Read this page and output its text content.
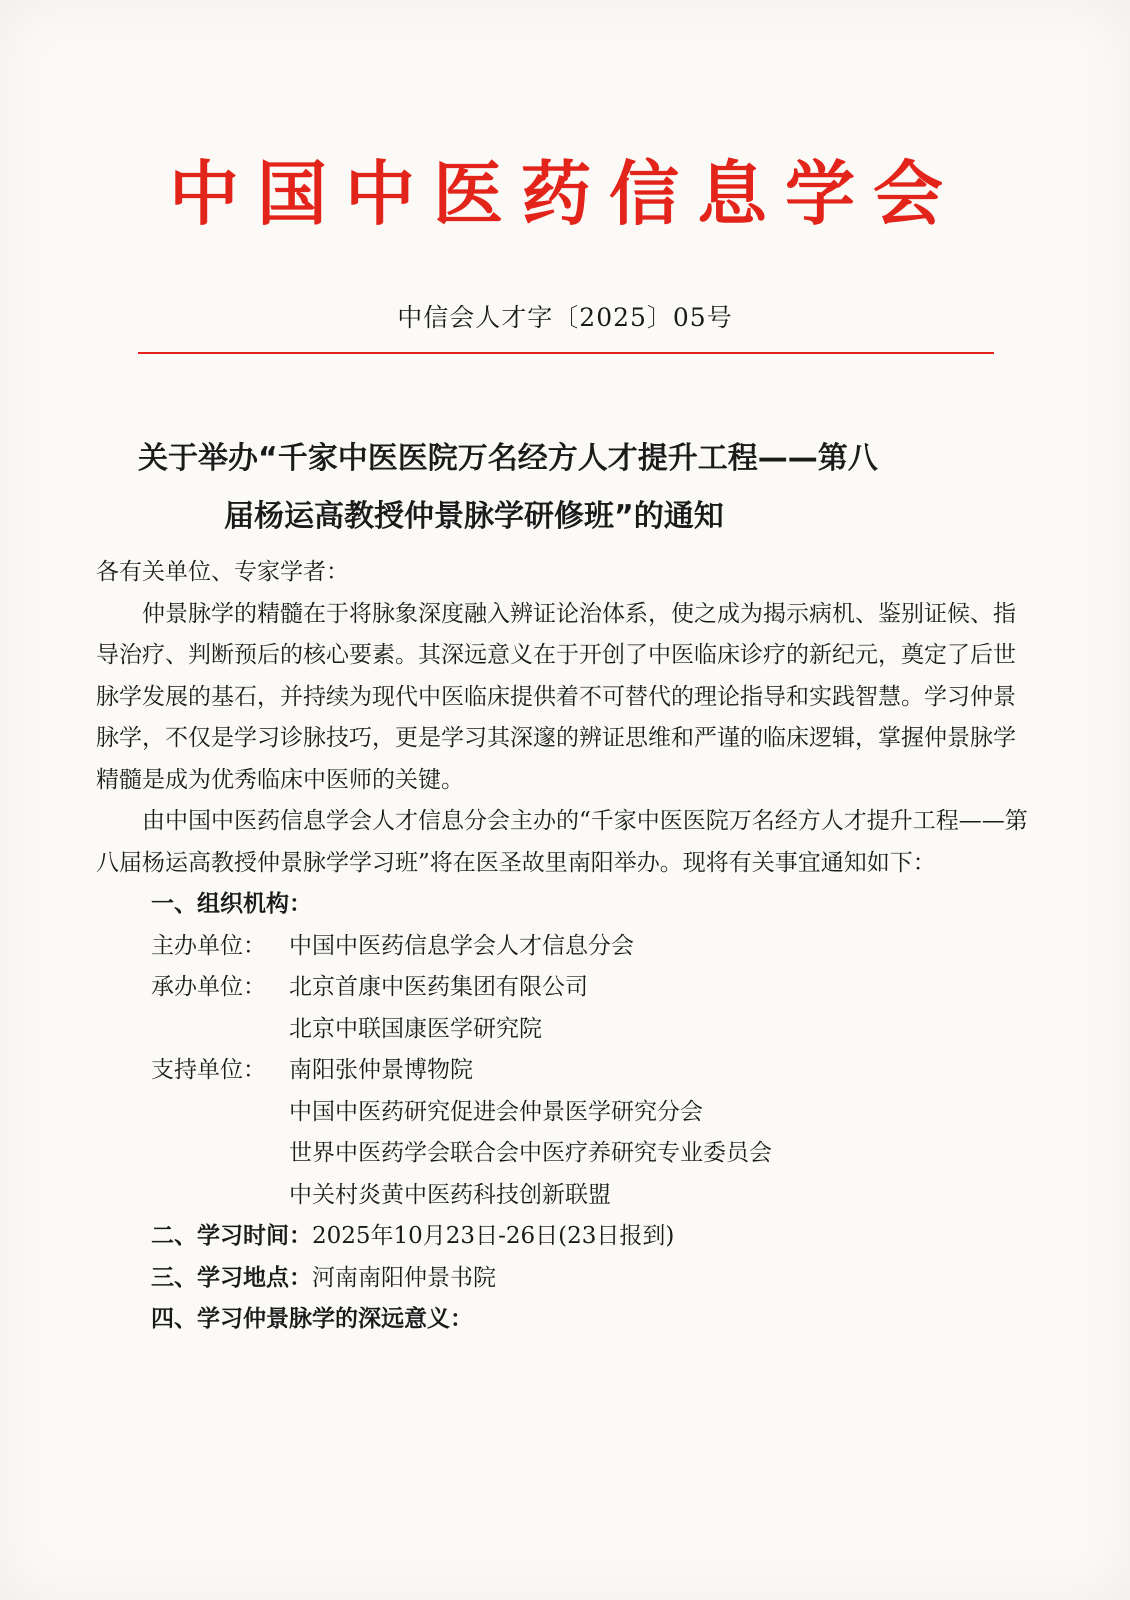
中国中医药信息学会
中信会人才字〔2025〕05号
关于举办“千家中医医院万名经方人才提升工程——第八
届杨运高教授仲景脉学研修班”的通知

各有关单位、专家学者：

仲景脉学的精髓在于将脉象深度融入辨证论治体系，使之成为揭示病机、鉴别证候、指导治疗、判断预后的核心要素。其深远意义在于开创了中医临床诊疗的新纪元，奠定了后世脉学发展的基石，并持续为现代中医临床提供着不可替代的理论指导和实践智慧。学习仲景脉学，不仅是学习诊脉技巧，更是学习其深邃的辨证思维和严谨的临床逻辑，掌握仲景脉学精髓是成为优秀临床中医师的关键。

由中国中医药信息学会人才信息分会主办的“千家中医医院万名经方人才提升工程——第八届杨运高教授仲景脉学学习班”将在医圣故里南阳举办。现将有关事宜通知如下：

一、组织机构：

主办单位：	中国中医药信息学会人才信息分会
承办单位：	北京首康中医药集团有限公司
北京中联国康医学研究院
支持单位：	南阳张仲景博物院
中国中医药研究促进会仲景医学研究分会
世界中医药学会联合会中医疗养研究专业委员会
中关村炎黄中医药科技创新联盟

二、学习时间：2025年10月23日-26日(23日报到)

三、学习地点：河南南阳仲景书院

四、学习仲景脉学的深远意义：
